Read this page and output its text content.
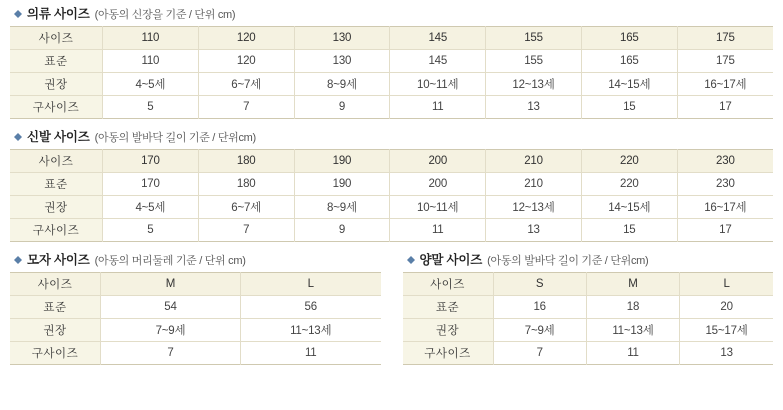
의류 사이즈 (아동의 신장을 기준 / 단위 cm)
사이즈	110	120	130	145	155	165	175
표준	110	120	130	145	155	165	175
권장	4~5세	6~7세	8~9세	10~11세	12~13세	14~15세	16~17세
구사이즈	5	7	9	11	13	15	17
신발 사이즈 (아동의 발바닥 길이 기준 / 단위cm)
사이즈	170	180	190	200	210	220	230
표준	170	180	190	200	210	220	230
권장	4~5세	6~7세	8~9세	10~11세	12~13세	14~15세	16~17세
구사이즈	5	7	9	11	13	15	17
모자 사이즈 (아동의 머리둘레 기준 / 단위 cm)
사이즈	M	L
표준	54	56
권장	7~9세	11~13세
구사이즈	7	11
양말 사이즈 (아동의 발바닥 길이 기준 / 단위cm)
사이즈	S	M	L
표준	16	18	20
권장	7~9세	11~13세	15~17세
구사이즈	7	11	13
